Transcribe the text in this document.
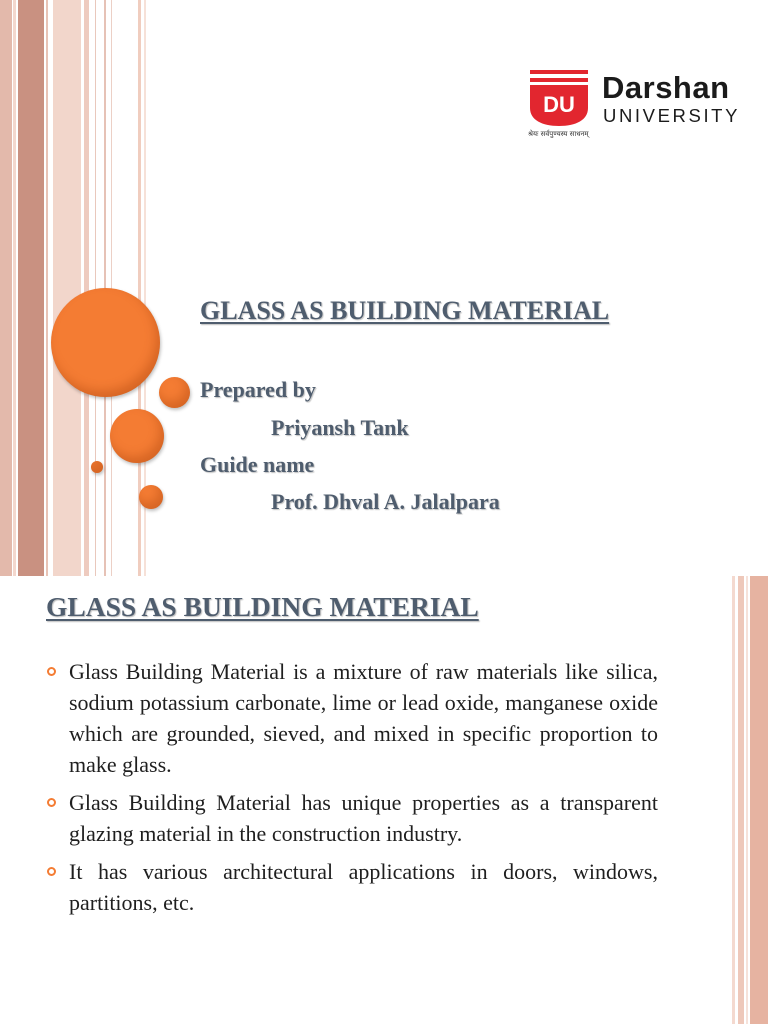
DU Darshan
UNIVERSITY
श्रेयः सर्वपुण्यस्य साधनम्
GLASS AS BUILDING MATERIAL
Prepared by
Priyansh Tank
Guide name
Prof. Dhval A. Jalalpara
GLASS AS BUILDING MATERIAL
Glass Building Material is a mixture of raw materials like silica, sodium potassium carbonate, lime or lead oxide, manganese oxide which are grounded, sieved, and mixed in specific proportion to make glass.
Glass Building Material has unique properties as a transparent glazing material in the construction industry.
It has various architectural applications in doors, windows, partitions, etc.
